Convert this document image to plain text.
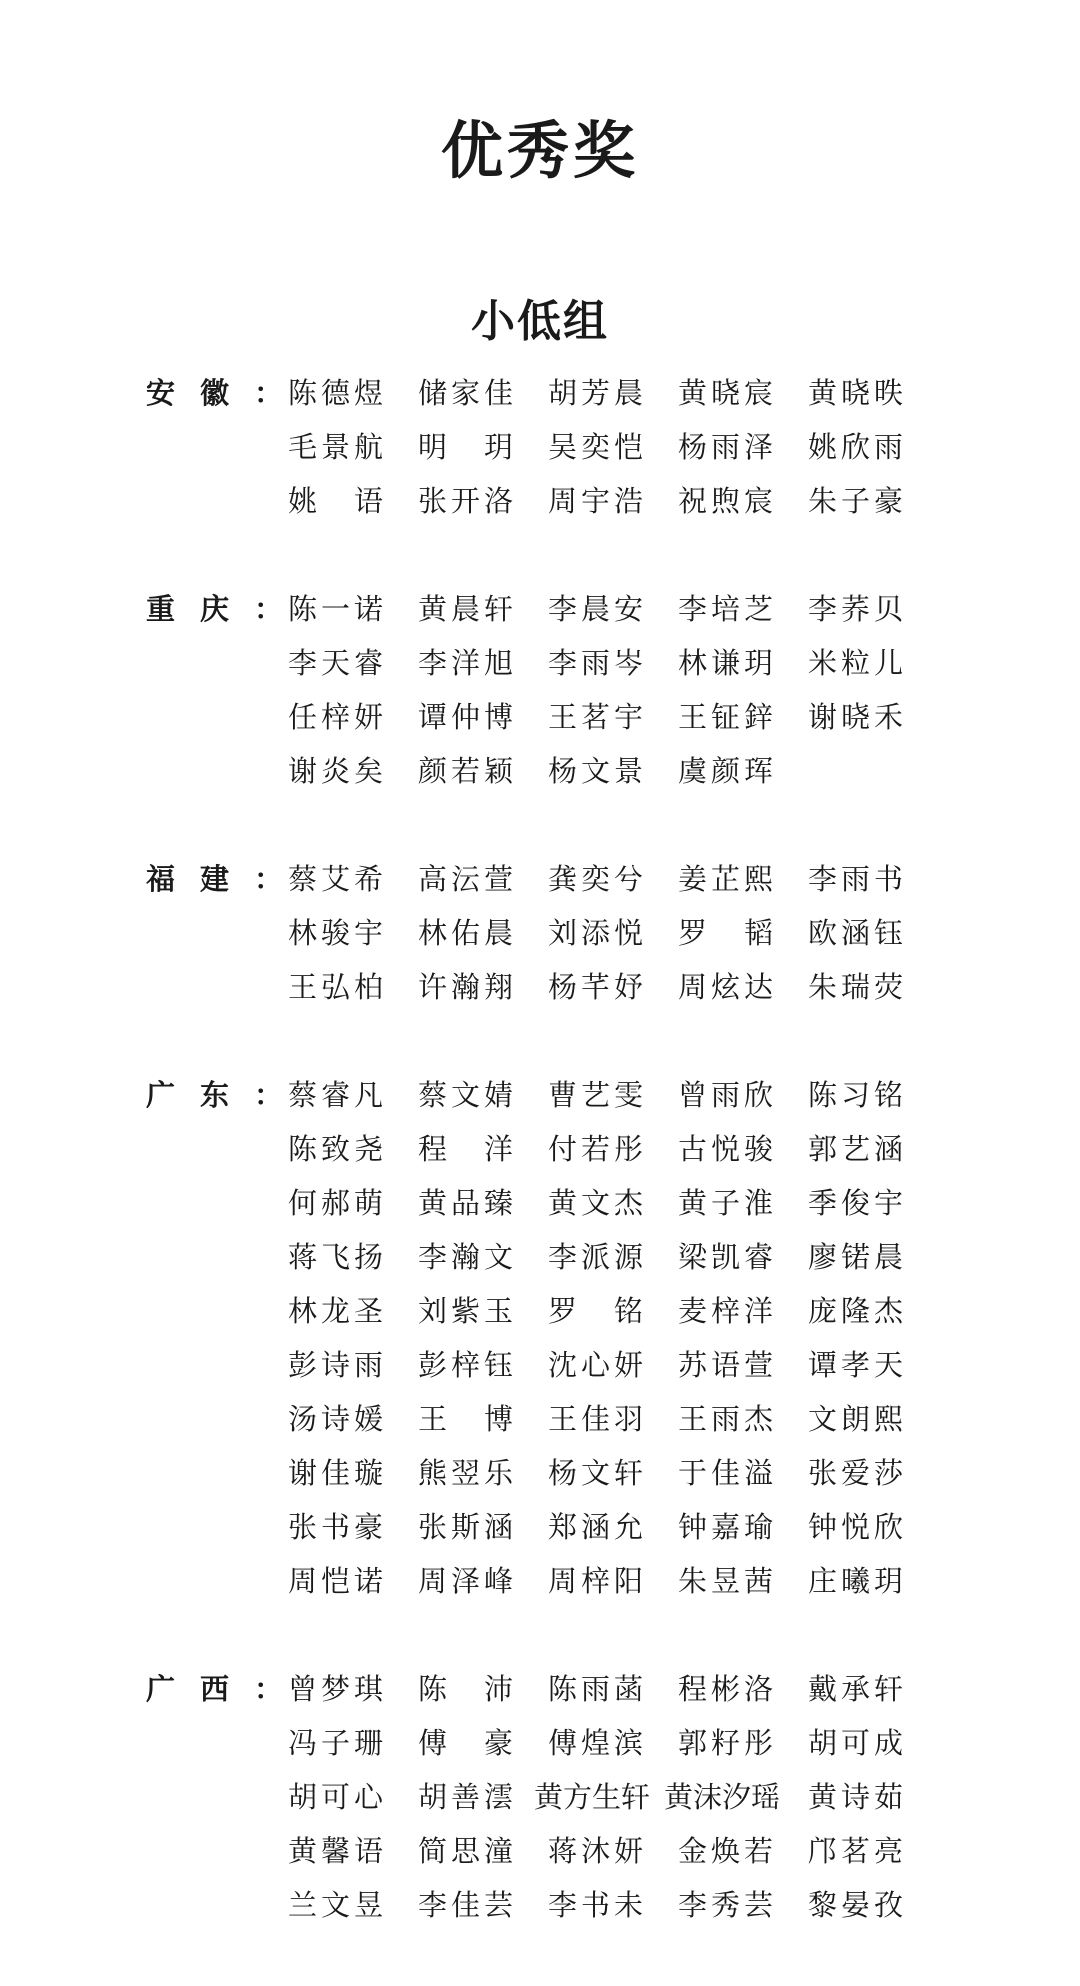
优秀奖
小低组
安 徽 ： 陈德煜	储家佳	胡芳晨	黄晓宸	黄晓昳
毛景航	明　玥	吴奕恺	杨雨泽	姚欣雨
姚　语	张开洛	周宇浩	祝煦宸	朱子豪
重 庆 ： 陈一诺	黄晨轩	李晨安	李培芝	李荞贝
李天睿	李洋旭	李雨岑	林谦玥	米粒儿
任梓妍	谭仲博	王茗宇	王钲鋅	谢晓禾
谢炎矣	颜若颖	杨文景	虞颜珲
福 建 ： 蔡艾希	高沄萱	龚奕兮	姜芷熙	李雨书
林骏宇	林佑晨	刘添悦	罗　韬	欧涵钰
王弘柏	许瀚翔	杨芊妤	周炫达	朱瑞荧
广 东 ： 蔡睿凡	蔡文婧	曹艺雯	曾雨欣	陈习铭
陈致尧	程　洋	付若彤	古悦骏	郭艺涵
何郝萌	黄品臻	黄文杰	黄子淮	季俊宇
蒋飞扬	李瀚文	李派源	梁凯睿	廖锘晨
林龙圣	刘紫玉	罗　铭	麦梓洋	庞隆杰
彭诗雨	彭梓钰	沈心妍	苏语萱	谭孝天
汤诗媛	王　博	王佳羽	王雨杰	文朗熙
谢佳璇	熊翌乐	杨文轩	于佳溢	张爱莎
张书豪	张斯涵	郑涵允	钟嘉瑜	钟悦欣
周恺诺	周泽峰	周梓阳	朱昱茜	庄曦玥
广 西 ： 曾梦琪	陈　沛	陈雨菡	程彬洛	戴承轩
冯子珊	傅　豪	傅煌滨	郭籽彤	胡可成
胡可心	胡善澐 黄方生轩 黄沫汐瑶 黄诗茹
黄馨语	简思潼	蒋沐妍	金焕若	邝茗亮
兰文昱	李佳芸	李书未	李秀芸	黎晏孜
